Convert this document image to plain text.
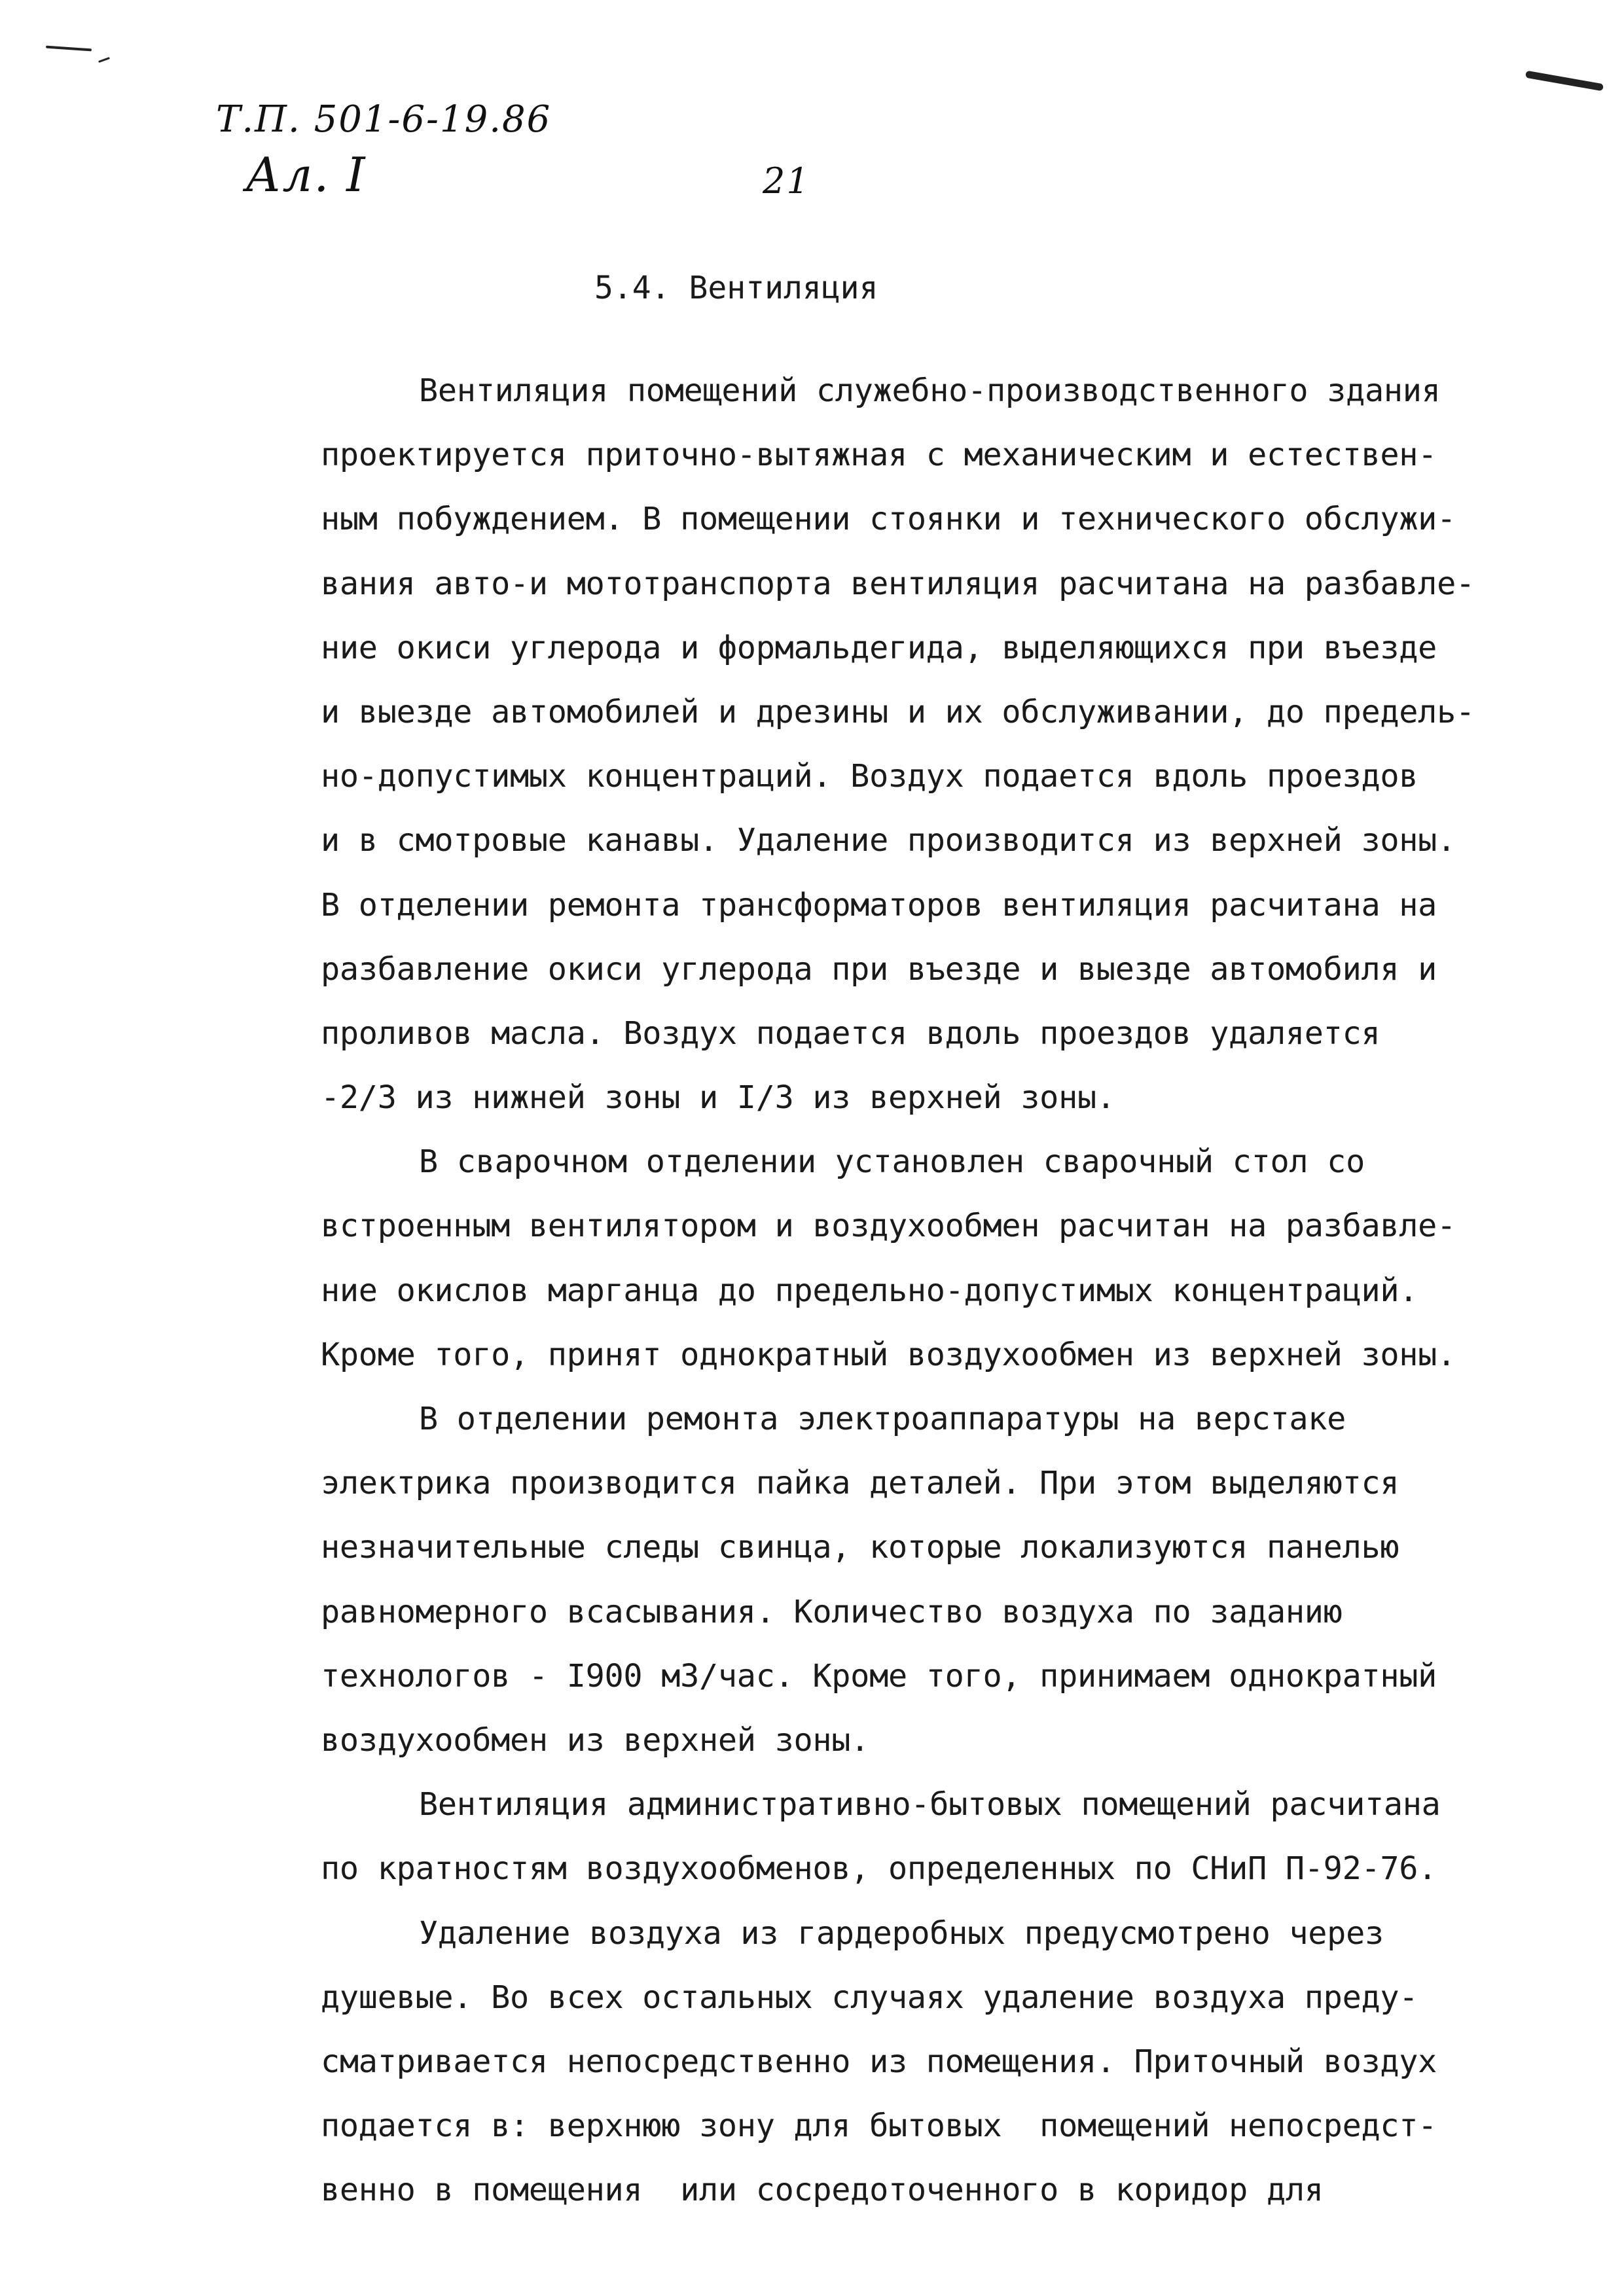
Т.П. 501-6-19.86
Ал. I	21
5.4. Вентиляция
Вентиляция помещений служебно-производственного здания
проектируется приточно-вытяжная с механическим и естествен-
ным побуждением. В помещении стоянки и технического обслужи-
вания авто-и мототранспорта вентиляция расчитана на разбавле-
ние окиси углерода и формальдегида, выделяющихся при въезде
и выезде автомобилей и дрезины и их обслуживании, до предель-
но-допустимых концентраций. Воздух подается вдоль проездов
и в смотровые канавы. Удаление производится из верхней зоны.
В отделении ремонта трансформаторов вентиляция расчитана на
разбавление окиси углерода при въезде и выезде автомобиля и
проливов масла. Воздух подается вдоль проездов удаляется
-2/3 из нижней зоны и I/3 из верхней зоны.
В сварочном отделении установлен сварочный стол со
встроенным вентилятором и воздухообмен расчитан на разбавле-
ние окислов марганца до предельно-допустимых концентраций.
Кроме того, принят однократный воздухообмен из верхней зоны.
В отделении ремонта электроаппаратуры на верстаке
электрика производится пайка деталей. При этом выделяются
незначительные следы свинца, которые локализуются панелью
равномерного всасывания. Количество воздуха по заданию
технологов - I900 м3/час. Кроме того, принимаем однократный
воздухообмен из верхней зоны.
Вентиляция административно-бытовых помещений расчитана
по кратностям воздухообменов, определенных по СНиП П-92-76.
Удаление воздуха из гардеробных предусмотрено через
душевые. Во всех остальных случаях удаление воздуха преду-
сматривается непосредственно из помещения. Приточный воздух
подается в: верхнюю зону для бытовых  помещений непосредст-
венно в помещения  или сосредоточенного в коридор для
